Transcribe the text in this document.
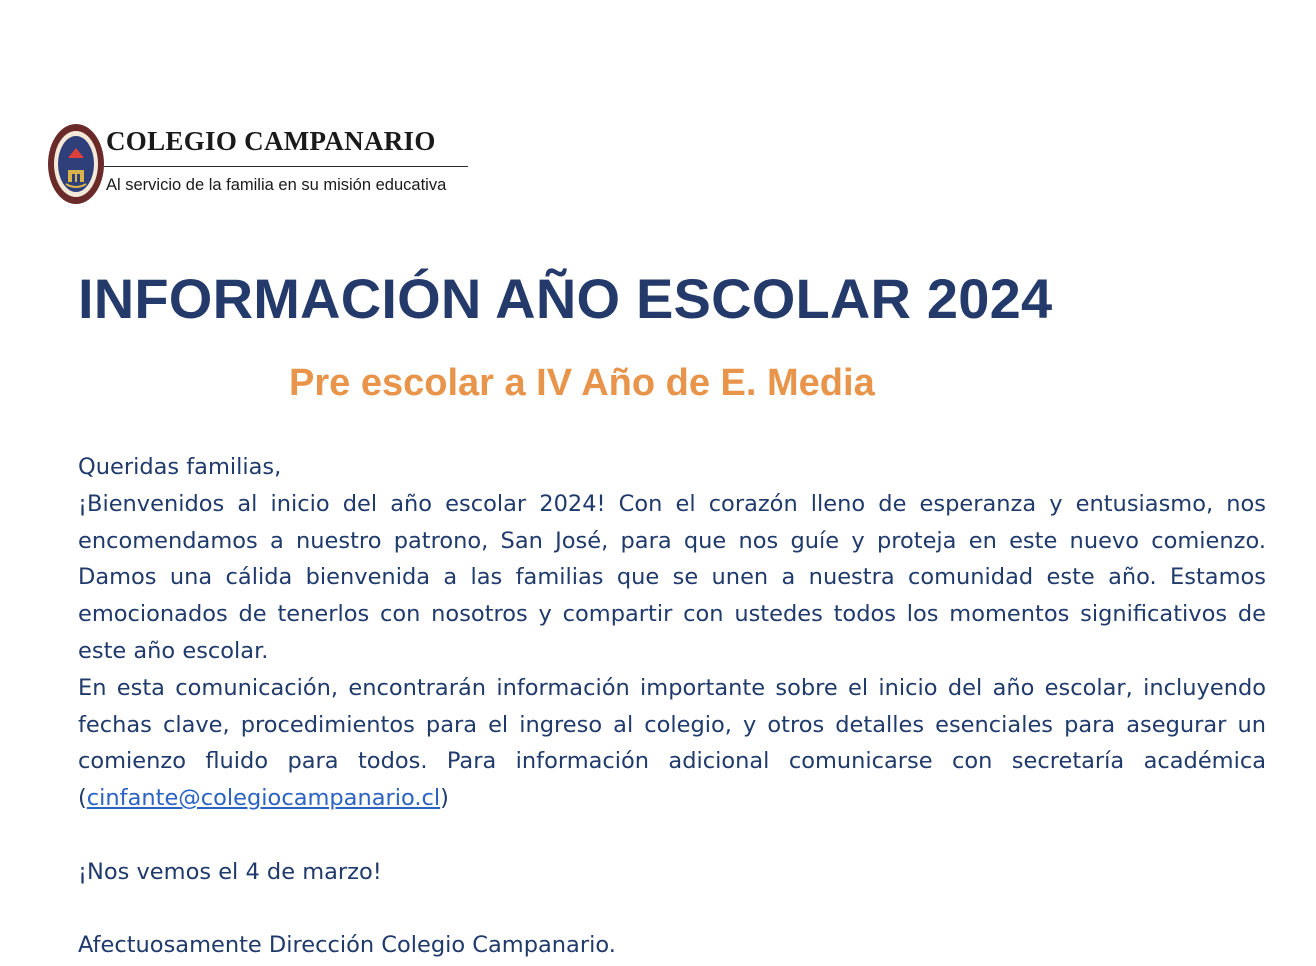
COLEGIO CAMPANARIO
Al servicio de la familia en su misión educativa
INFORMACIÓN AÑO ESCOLAR 2024
Pre escolar a IV Año de E. Media

Queridas familias,

¡Bienvenidos al inicio del año escolar 2024! Con el corazón lleno de esperanza y entusiasmo, nos encomendamos a nuestro patrono, San José, para que nos guíe y proteja en este nuevo comienzo. Damos una cálida bienvenida a las familias que se unen a nuestra comunidad este año. Estamos emocionados de tenerlos con nosotros y compartir con ustedes todos los momentos significativos de este año escolar.

En esta comunicación, encontrarán información importante sobre el inicio del año escolar, incluyendo fechas clave, procedimientos para el ingreso al colegio, y otros detalles esenciales para asegurar un comienzo fluido para todos. Para información adicional comunicarse con secretaría académica (cinfante@colegiocampanario.cl)

¡Nos vemos el 4 de marzo!

Afectuosamente Dirección Colegio Campanario.
